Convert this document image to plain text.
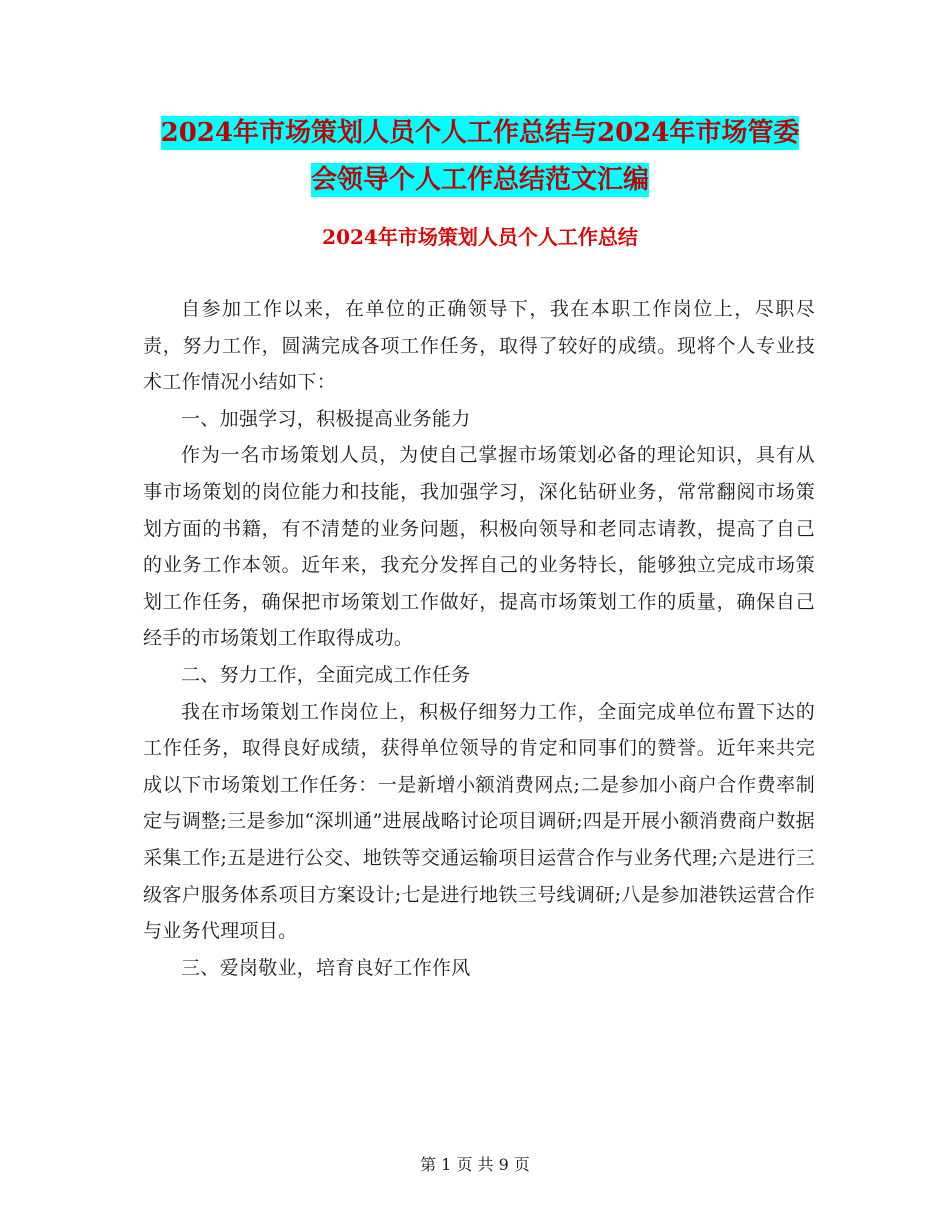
2024年市场策划人员个人工作总结与2024年市场管委
会领导个人工作总结范文汇编
2024年市场策划人员个人工作总结

自参加工作以来，在单位的正确领导下，我在本职工作岗位上，尽职尽责，努力工作，圆满完成各项工作任务，取得了较好的成绩。现将个人专业技术工作情况小结如下：

一、加强学习，积极提高业务能力

作为一名市场策划人员，为使自己掌握市场策划必备的理论知识，具有从事市场策划的岗位能力和技能，我加强学习，深化钻研业务，常常翻阅市场策划方面的书籍，有不清楚的业务问题，积极向领导和老同志请教，提高了自己的业务工作本领。近年来，我充分发挥自己的业务特长，能够独立完成市场策划工作任务，确保把市场策划工作做好，提高市场策划工作的质量，确保自己经手的市场策划工作取得成功。

二、努力工作，全面完成工作任务

我在市场策划工作岗位上，积极仔细努力工作，全面完成单位布置下达的工作任务，取得良好成绩，获得单位领导的肯定和同事们的赞誉。近年来共完成以下市场策划工作任务：一是新增小额消费网点;二是参加小商户合作费率制定与调整;三是参加“深圳通”进展战略讨论项目调研;四是开展小额消费商户数据采集工作;五是进行公交、地铁等交通运输项目运营合作与业务代理;六是进行三级客户服务体系项目方案设计;七是进行地铁三号线调研;八是参加港铁运营合作与业务代理项目。

三、爱岗敬业，培育良好工作作风

第 1 页 共 9 页
